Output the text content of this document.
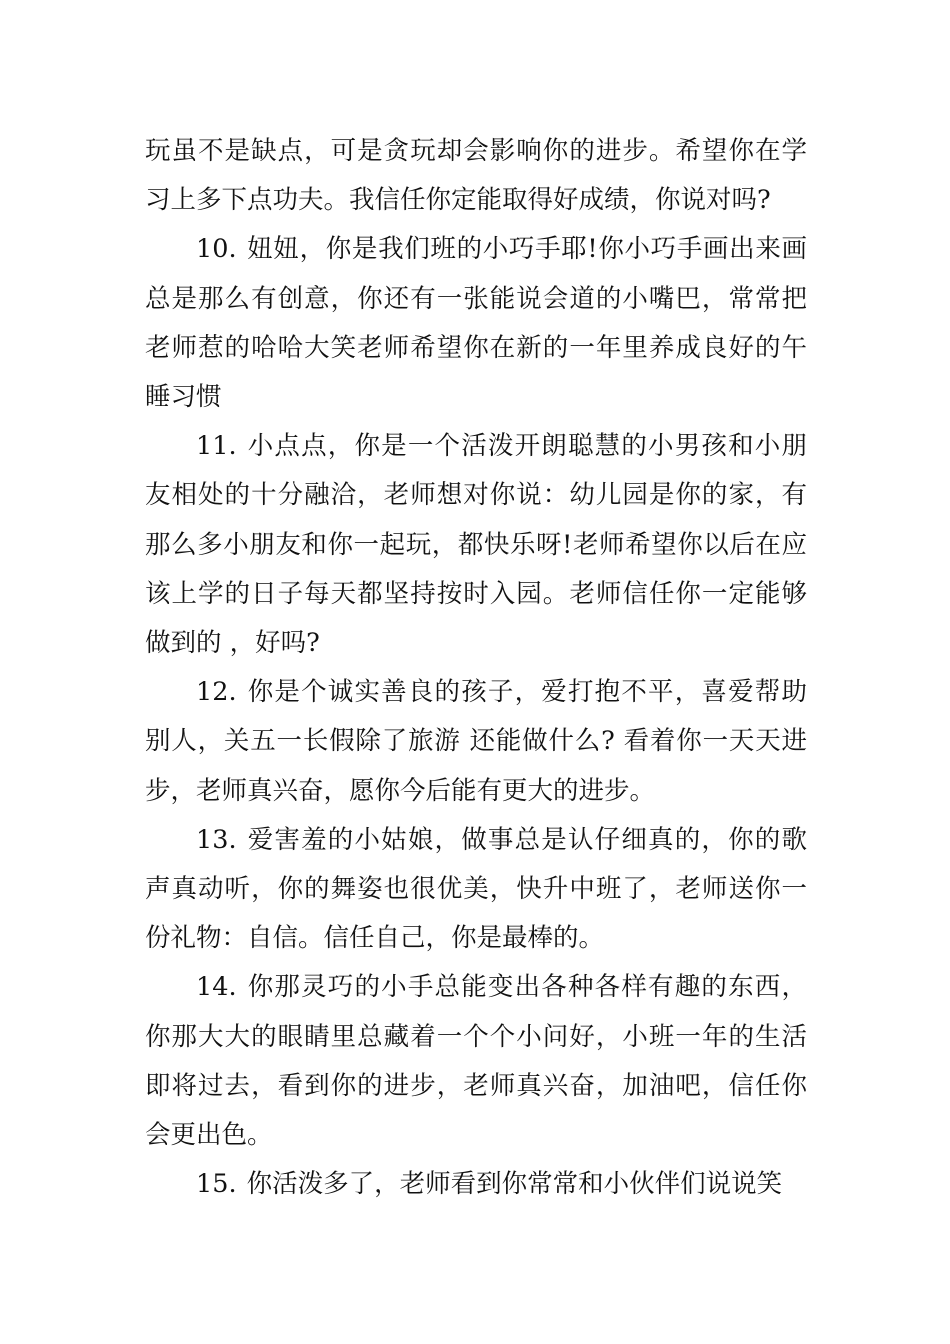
玩虽不是缺点，可是贪玩却会影响你的进步。希望你在学习上多下点功夫。我信任你定能取得好成绩，你说对吗?

10. 妞妞，你是我们班的小巧手耶!你小巧手画出来画总是那么有创意，你还有一张能说会道的小嘴巴，常常把老师惹的哈哈大笑老师希望你在新的一年里养成良好的午睡习惯

11. 小点点，你是一个活泼开朗聪慧的小男孩和小朋友相处的十分融洽，老师想对你说：幼儿园是你的家，有那么多小朋友和你一起玩，都快乐呀!老师希望你以后在应该上学的日子每天都坚持按时入园。老师信任你一定能够做到的 ，好吗?

12. 你是个诚实善良的孩子，爱打抱不平，喜爱帮助别人，关五一长假除了旅游 还能做什么? 看着你一天天进步，老师真兴奋，愿你今后能有更大的进步。

13. 爱害羞的小姑娘，做事总是认仔细真的，你的歌声真动听，你的舞姿也很优美，快升中班了，老师送你一份礼物：自信。信任自己，你是最棒的。

14. 你那灵巧的小手总能变出各种各样有趣的东西，你那大大的眼睛里总藏着一个个小问好，小班一年的生活即将过去，看到你的进步，老师真兴奋，加油吧，信任你会更出色。

15. 你活泼多了，老师看到你常常和小伙伴们说说笑
